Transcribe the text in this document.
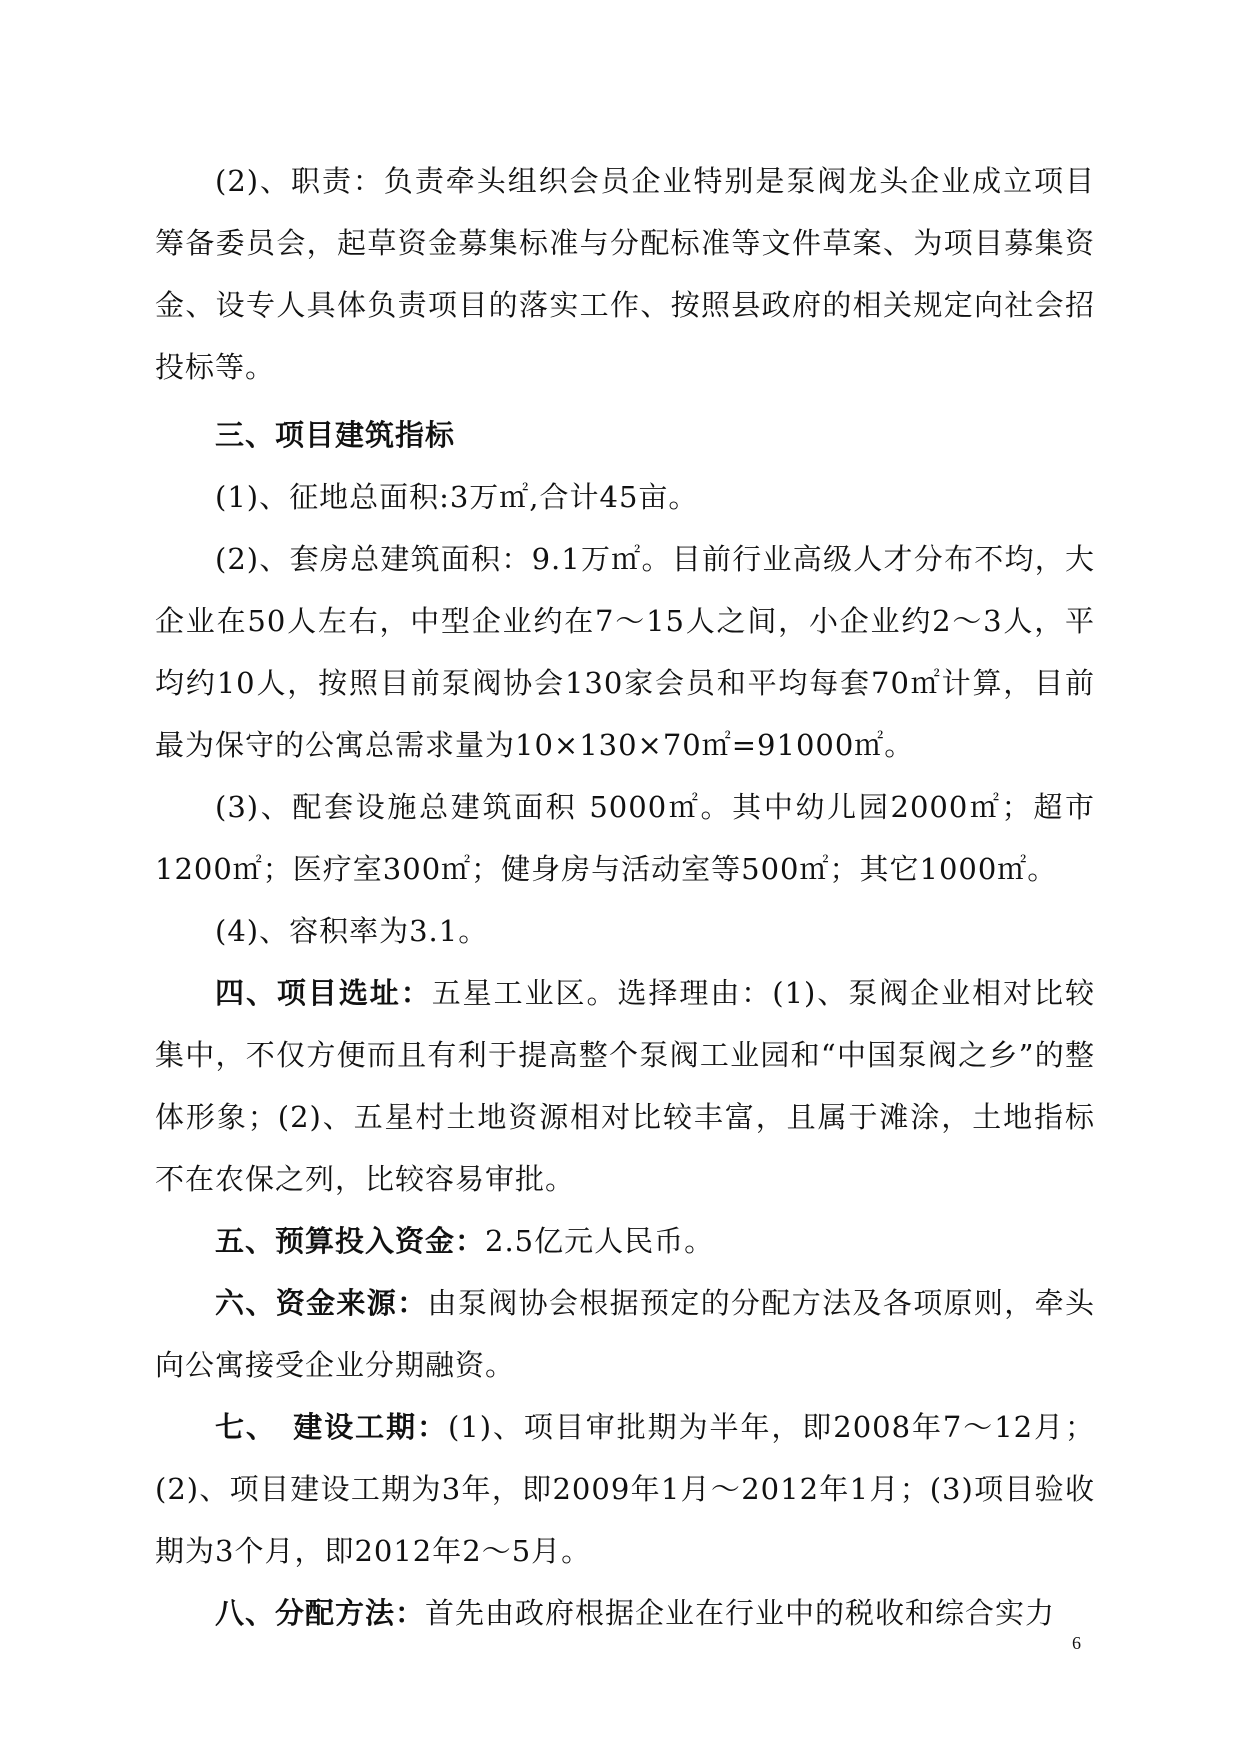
(2)、职责：负责牵头组织会员企业特别是泵阀龙头企业成立项目筹备委员会，起草资金募集标准与分配标准等文件草案、为项目募集资金、设专人具体负责项目的落实工作、按照县政府的相关规定向社会招投标等。

三、项目建筑指标

(1)、征地总面积:3万㎡,合计45亩。

(2)、套房总建筑面积：9.1万㎡。目前行业高级人才分布不均，大企业在50人左右，中型企业约在7～15人之间，小企业约2～3人，平均约10人，按照目前泵阀协会130家会员和平均每套70㎡计算，目前最为保守的公寓总需求量为10×130×70㎡=91000㎡。

(3)、配套设施总建筑面积 5000㎡。其中幼儿园2000㎡；超市1200㎡；医疗室300㎡；健身房与活动室等500㎡；其它1000㎡。

(4)、容积率为3.1。

四、项目选址：五星工业区。选择理由：(1)、泵阀企业相对比较集中，不仅方便而且有利于提高整个泵阀工业园和“中国泵阀之乡”的整体形象；(2)、五星村土地资源相对比较丰富，且属于滩涂，土地指标不在农保之列，比较容易审批。

五、预算投入资金：2.5亿元人民币。

六、资金来源：由泵阀协会根据预定的分配方法及各项原则，牵头向公寓接受企业分期融资。

七、　建设工期：(1)、项目审批期为半年，即2008年7～12月；(2)、项目建设工期为3年，即2009年1月～2012年1月；(3)项目验收期为3个月，即2012年2～5月。

八、分配方法：首先由政府根据企业在行业中的税收和综合实力

6
